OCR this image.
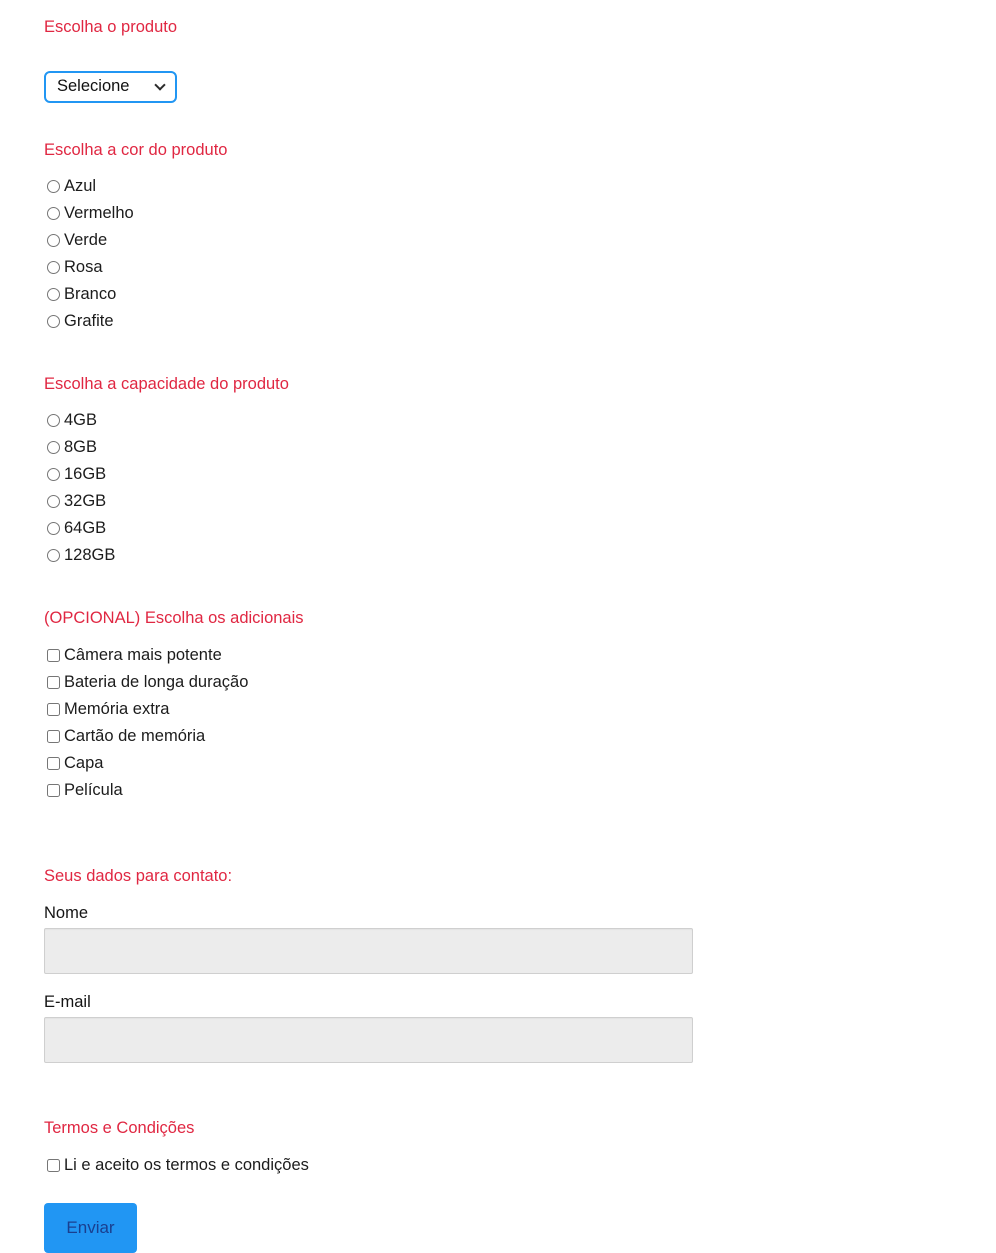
Escolha o produto
Selecione
Escolha a cor do produto
Azul
Vermelho
Verde
Rosa
Branco
Grafite
Escolha a capacidade do produto
4GB
8GB
16GB
32GB
64GB
128GB
(OPCIONAL) Escolha os adicionais
Câmera mais potente
Bateria de longa duração
Memória extra
Cartão de memória
Capa
Película
Seus dados para contato:
Nome
E-mail
Termos e Condições
Li e aceito os termos e condições
Enviar
